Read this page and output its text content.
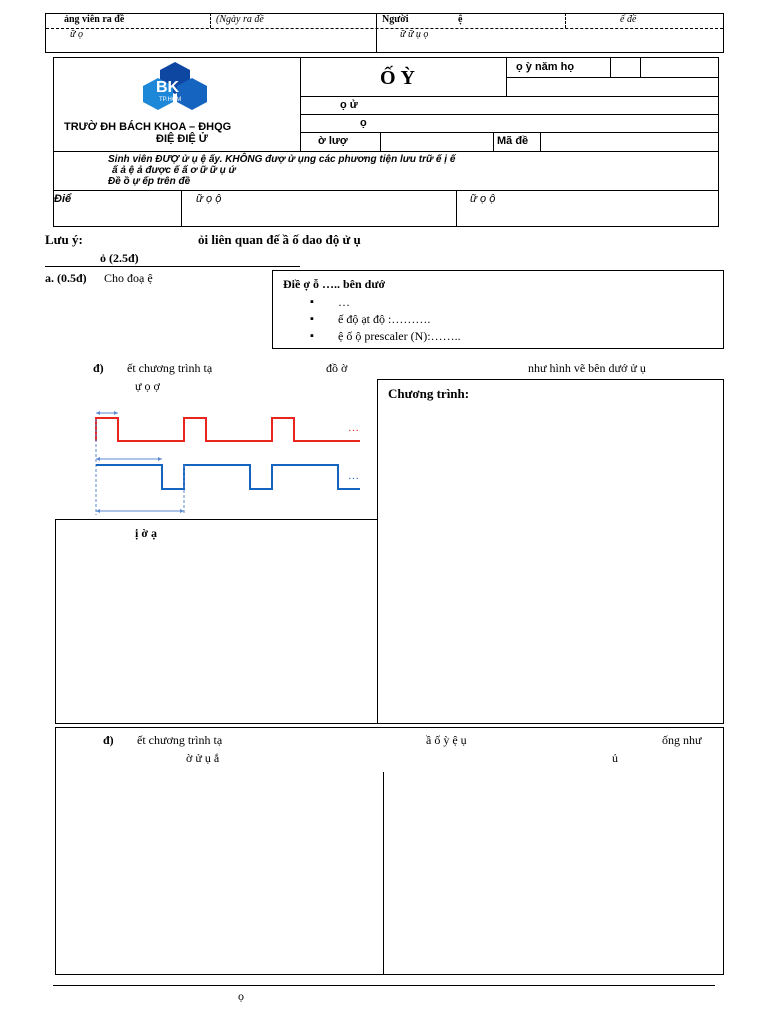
ảng viên ra đề	(Ngày ra đề
ữ ọ
Người	ệ	ế đề
ữ ữ ụ ọ
BK
TP.HCM
TRƯỜ ĐH BÁCH KHOA – ĐHQG
ĐIỆ ĐIỆ Ử
Ố Ỳ	ọ ỳ năm họ
ọ ử
ọ
ờ lượ	Mã đề
Sinh viên ĐƯỢ ử ụ ệ ấy. KHÔNG đượ ử ụng các phương tiện lưu trữ ế ị ế
ấ ả ệ ả được ế ấ ơ ữ ữ ụ ứ
Đề ồ ự ếp trên đề
Điể	ữ ọ ộ	ữ ọ ộ
Lưu ý:	ỏi liên quan đế ầ ố dao độ ử ụ
ỏ (2.5đ)
a. (0.5đ) Cho đoạ ệ	Điề ợ ỗ ….. bên dướ
▪ …
▪ ế độ ạt độ :……….
▪ ệ ố ộ prescaler (N):……..
đ) ết chương trình tạ	đồ ờ	như hình vẽ bên dướ ử ụ
ự ọ ợ
…
…
Chương trình:
ị ờ ạ
đ) ết chương trình tạ	ầ ố ỳ ệ ụ	ống như
ờ ử ụ ắ	ủ
ọ
